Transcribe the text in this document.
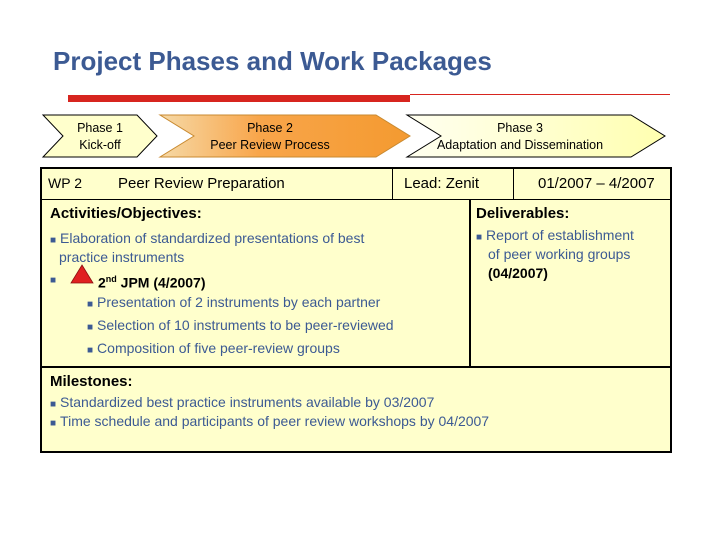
Project Phases and Work Packages
Phase 1
Kick-off
Phase 2
Peer Review Process
Phase 3
Adaptation and Dissemination
WP 2 Peer Review Preparation	Lead: Zenit	01/2007 – 4/2007
Activities/Objectives:
■ Elaboration of standardized presentations of best
practice instruments
■	2nd JPM (4/2007)
■ Presentation of 2 instruments by each partner
■ Selection of 10 instruments to be peer-reviewed
■ Composition of five peer-review groups
Deliverables:
■ Report of establishment
of peer working groups
(04/2007)
Milestones:
■ Standardized best practice instruments available by 03/2007
■ Time schedule and participants of peer review workshops by 04/2007
